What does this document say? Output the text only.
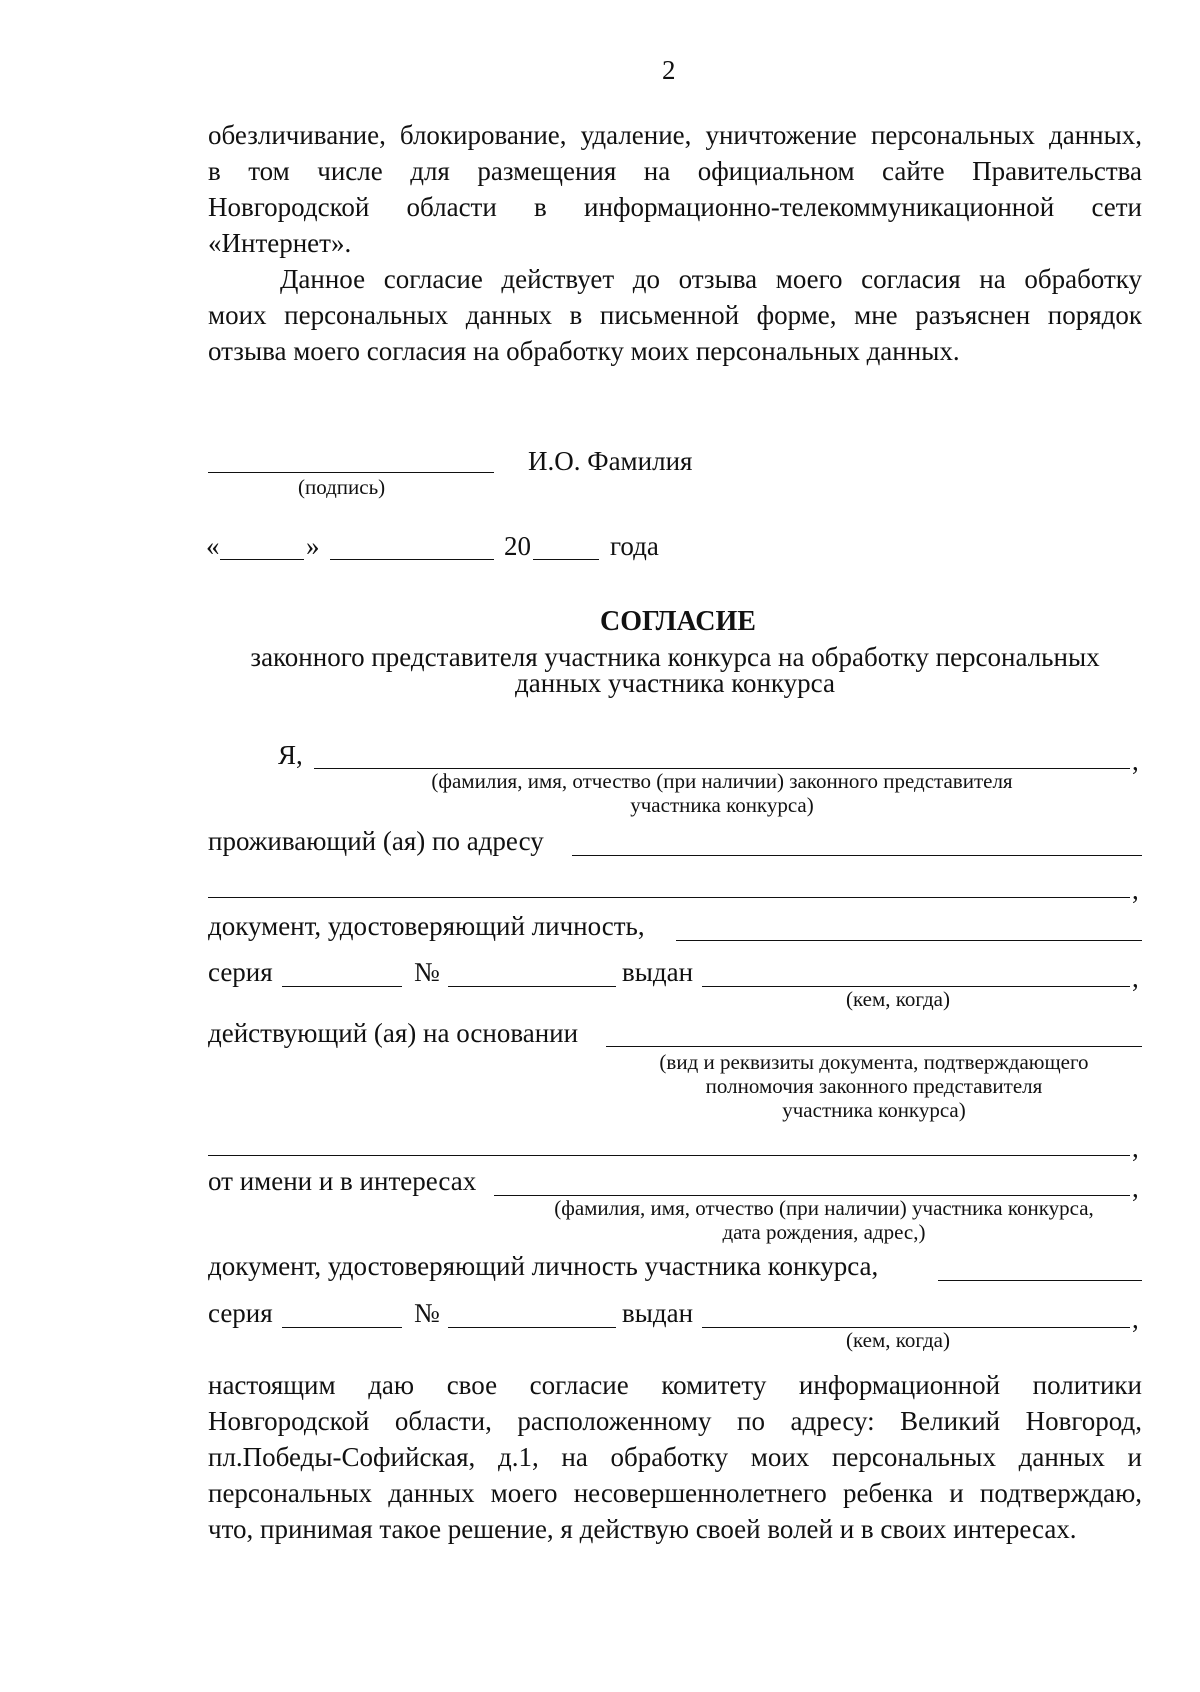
2
обезличивание, блокирование, удаление, уничтожение персональных данных,
в том числе для размещения на официальном сайте Правительства
Новгородской области в информационно-телекоммуникационной сети
«Интернет».
Данное согласие действует до отзыва моего согласия на обработку
моих персональных данных в письменной форме, мне разъяснен порядок
отзыва моего согласия на обработку моих персональных данных.
И.О. Фамилия
(подпись)
«	»	20	года
СОГЛАСИЕ
законного представителя участника конкурса на обработку персональных
данных участника конкурса
Я,	,
(фамилия, имя, отчество (при наличии) законного представителя
участника конкурса)
проживающий (ая) по адресу
,
документ, удостоверяющий личность,
серия	№	выдан	,
(кем, когда)
действующий (ая) на основании
(вид и реквизиты документа, подтверждающего
полномочия законного представителя
участника конкурса)
,
от имени и в интересах	,
(фамилия, имя, отчество (при наличии) участника конкурса,
дата рождения, адрес,)
документ, удостоверяющий личность участника конкурса,
серия	№	выдан	,
(кем, когда)
настоящим даю свое согласие комитету информационной политики
Новгородской области, расположенному по адресу: Великий Новгород,
пл.Победы-Софийская, д.1, на обработку моих персональных данных и
персональных данных моего несовершеннолетнего ребенка и подтверждаю,
что, принимая такое решение, я действую своей волей и в своих интересах.
